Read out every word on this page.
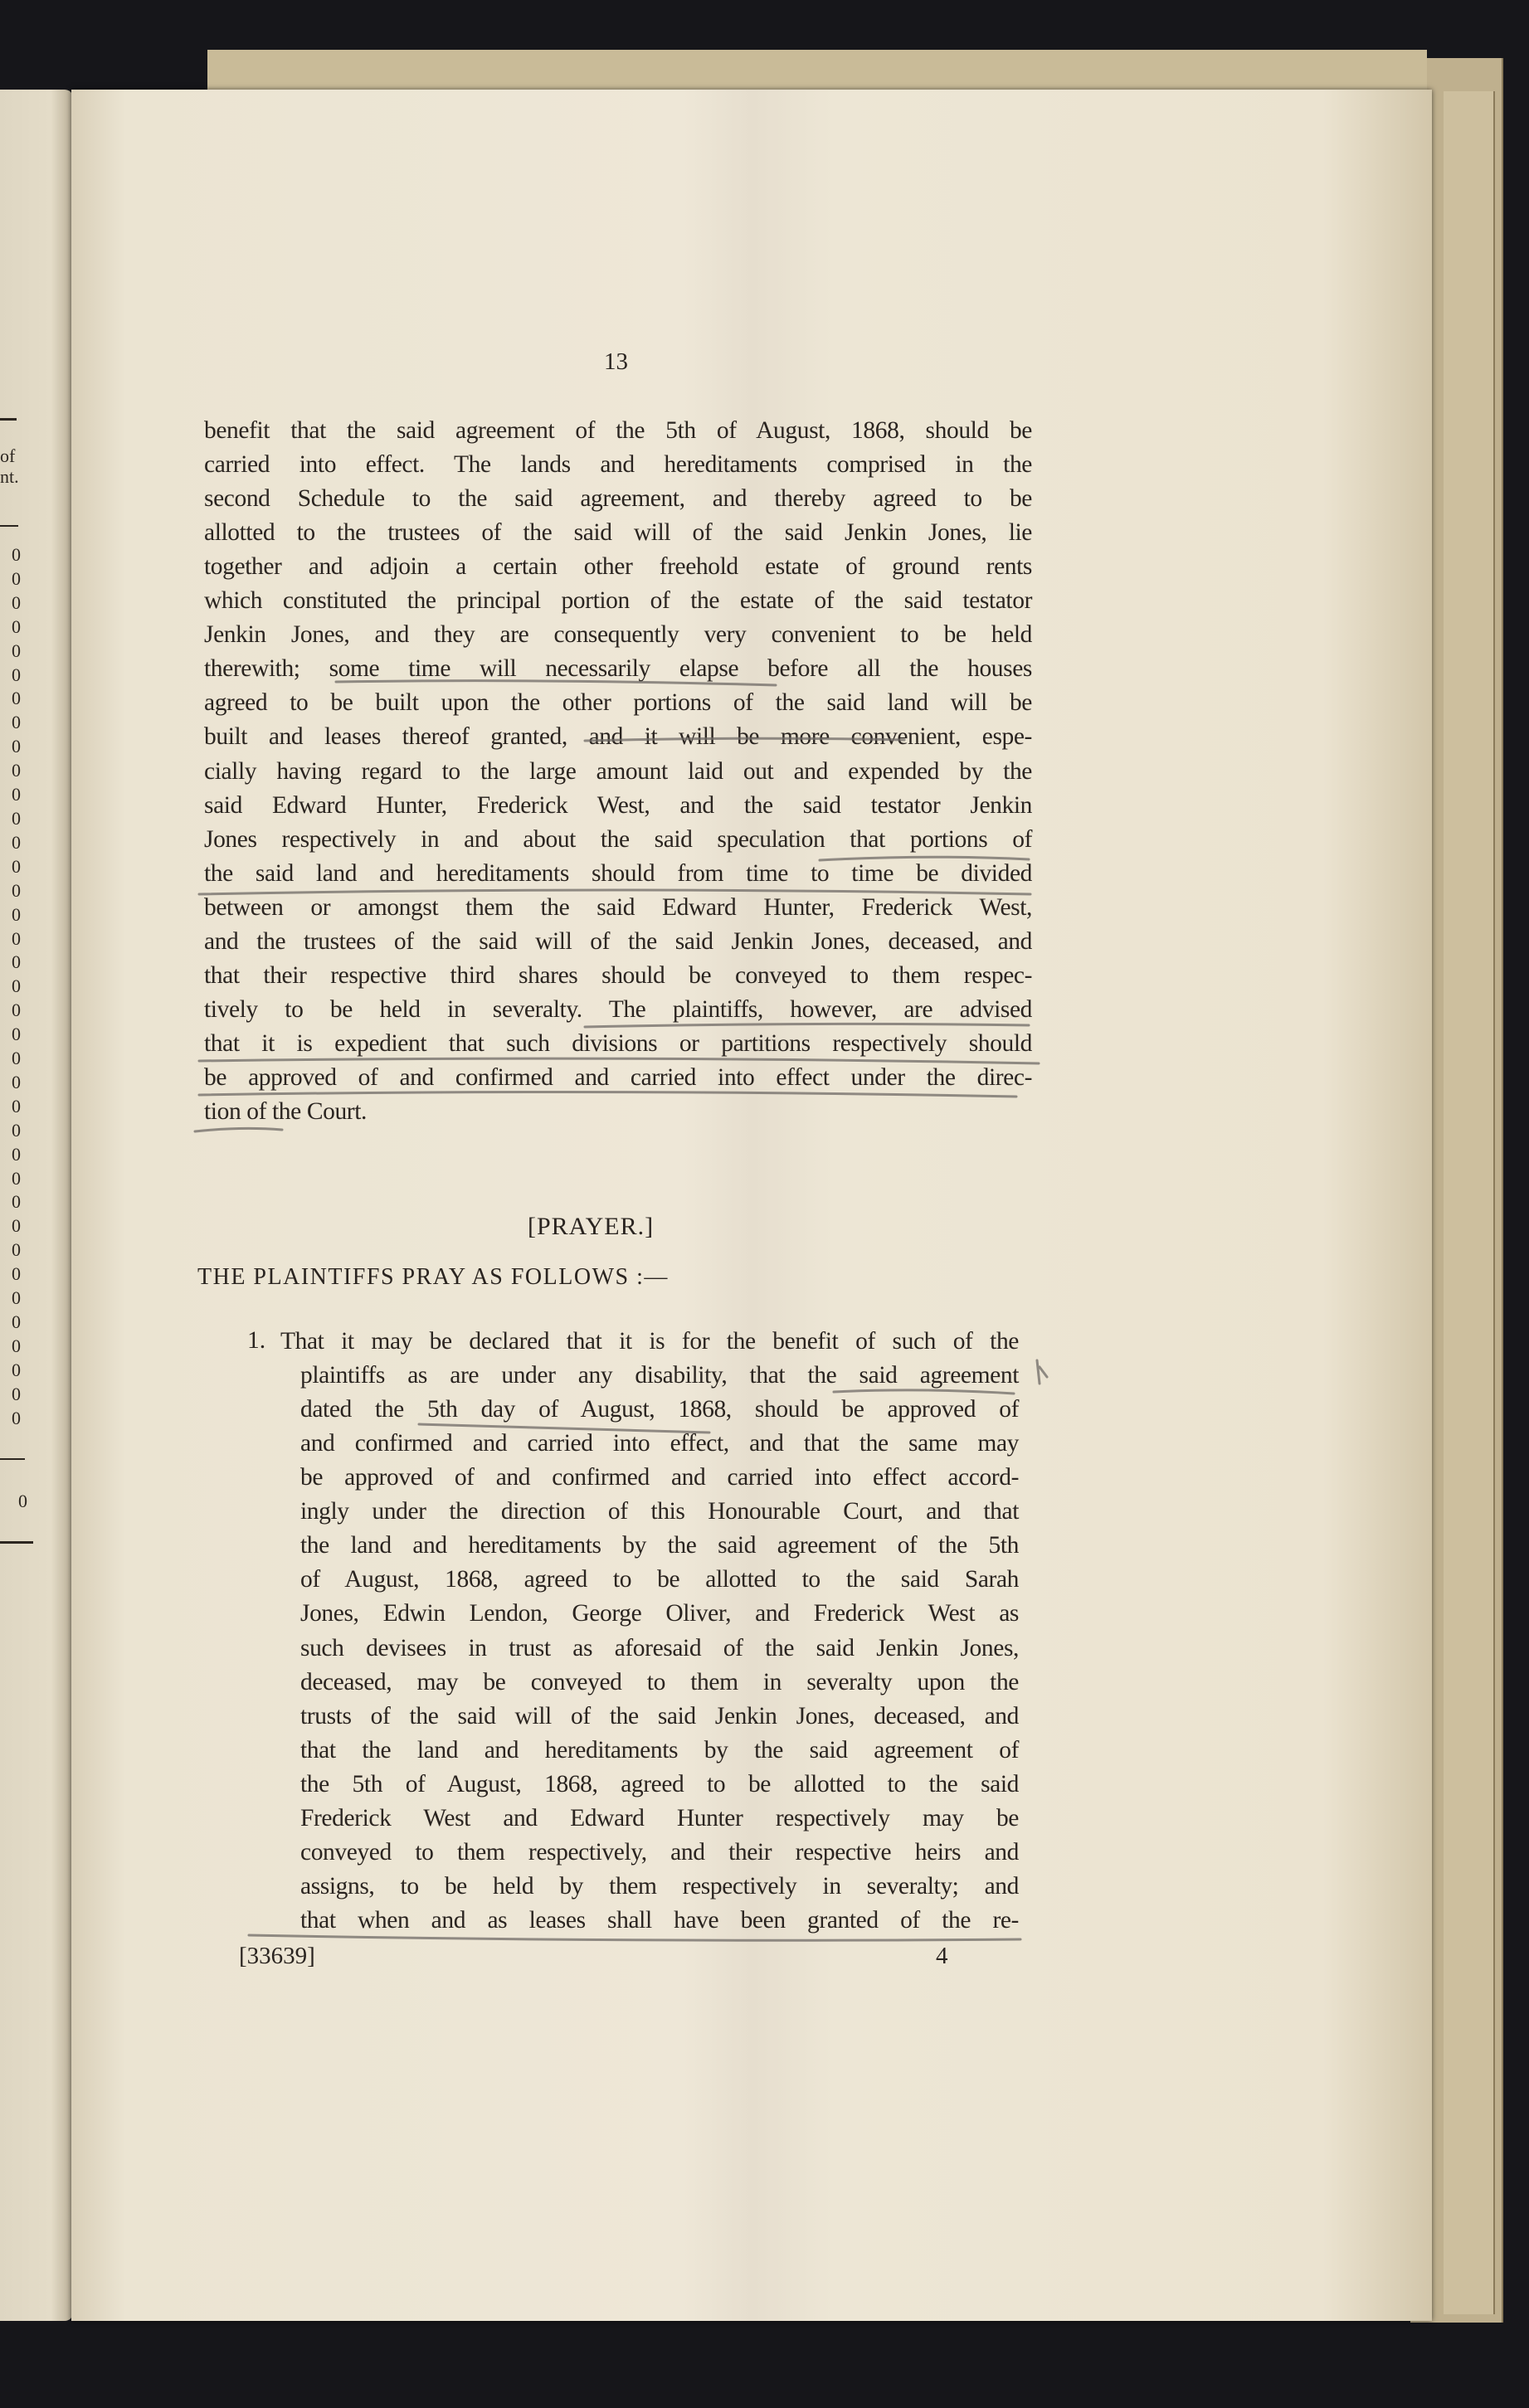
of
nt.
0
0
0
0
0
0
0
0
0
0
0
0
0
0
0
0
0
0
0
0
0
0
0
0
0
0
0
0
0
0
0
0
0
0
0
0
0
0
13
benefit that the said agreement of the 5th of August, 1868, should be
carried into effect. The lands and hereditaments comprised in the
second Schedule to the said agreement, and thereby agreed to be
allotted to the trustees of the said will of the said Jenkin Jones, lie
together and adjoin a certain other freehold estate of ground rents
which constituted the principal portion of the estate of the said testator
Jenkin Jones, and they are consequently very convenient to be held
therewith; some time will necessarily elapse before all the houses
agreed to be built upon the other portions of the said land will be
built and leases thereof granted, and it will be more convenient, espe-
cially having regard to the large amount laid out and expended by the
said Edward Hunter, Frederick West, and the said testator Jenkin
Jones respectively in and about the said speculation that portions of
the said land and hereditaments should from time to time be divided
between or amongst them the said Edward Hunter, Frederick West,
and the trustees of the said will of the said Jenkin Jones, deceased, and
that their respective third shares should be conveyed to them respec-
tively to be held in severalty. The plaintiffs, however, are advised
that it is expedient that such divisions or partitions respectively should
be approved of and confirmed and carried into effect under the direc-
tion of the Court.
[PRAYER.]
THE PLAINTIFFS PRAY AS FOLLOWS :—
1. That it may be declared that it is for the benefit of such of the
plaintiffs as are under any disability, that the said agreement
dated the 5th day of August, 1868, should be approved of
and confirmed and carried into effect, and that the same may
be approved of and confirmed and carried into effect accord-
ingly under the direction of this Honourable Court, and that
the land and hereditaments by the said agreement of the 5th
of August, 1868, agreed to be allotted to the said Sarah
Jones, Edwin Lendon, George Oliver, and Frederick West as
such devisees in trust as aforesaid of the said Jenkin Jones,
deceased, may be conveyed to them in severalty upon the
trusts of the said will of the said Jenkin Jones, deceased, and
that the land and hereditaments by the said agreement of
the 5th of August, 1868, agreed to be allotted to the said
Frederick West and Edward Hunter respectively may be
conveyed to them respectively, and their respective heirs and
assigns, to be held by them respectively in severalty; and
that when and as leases shall have been granted of the re-
[33639]	4
